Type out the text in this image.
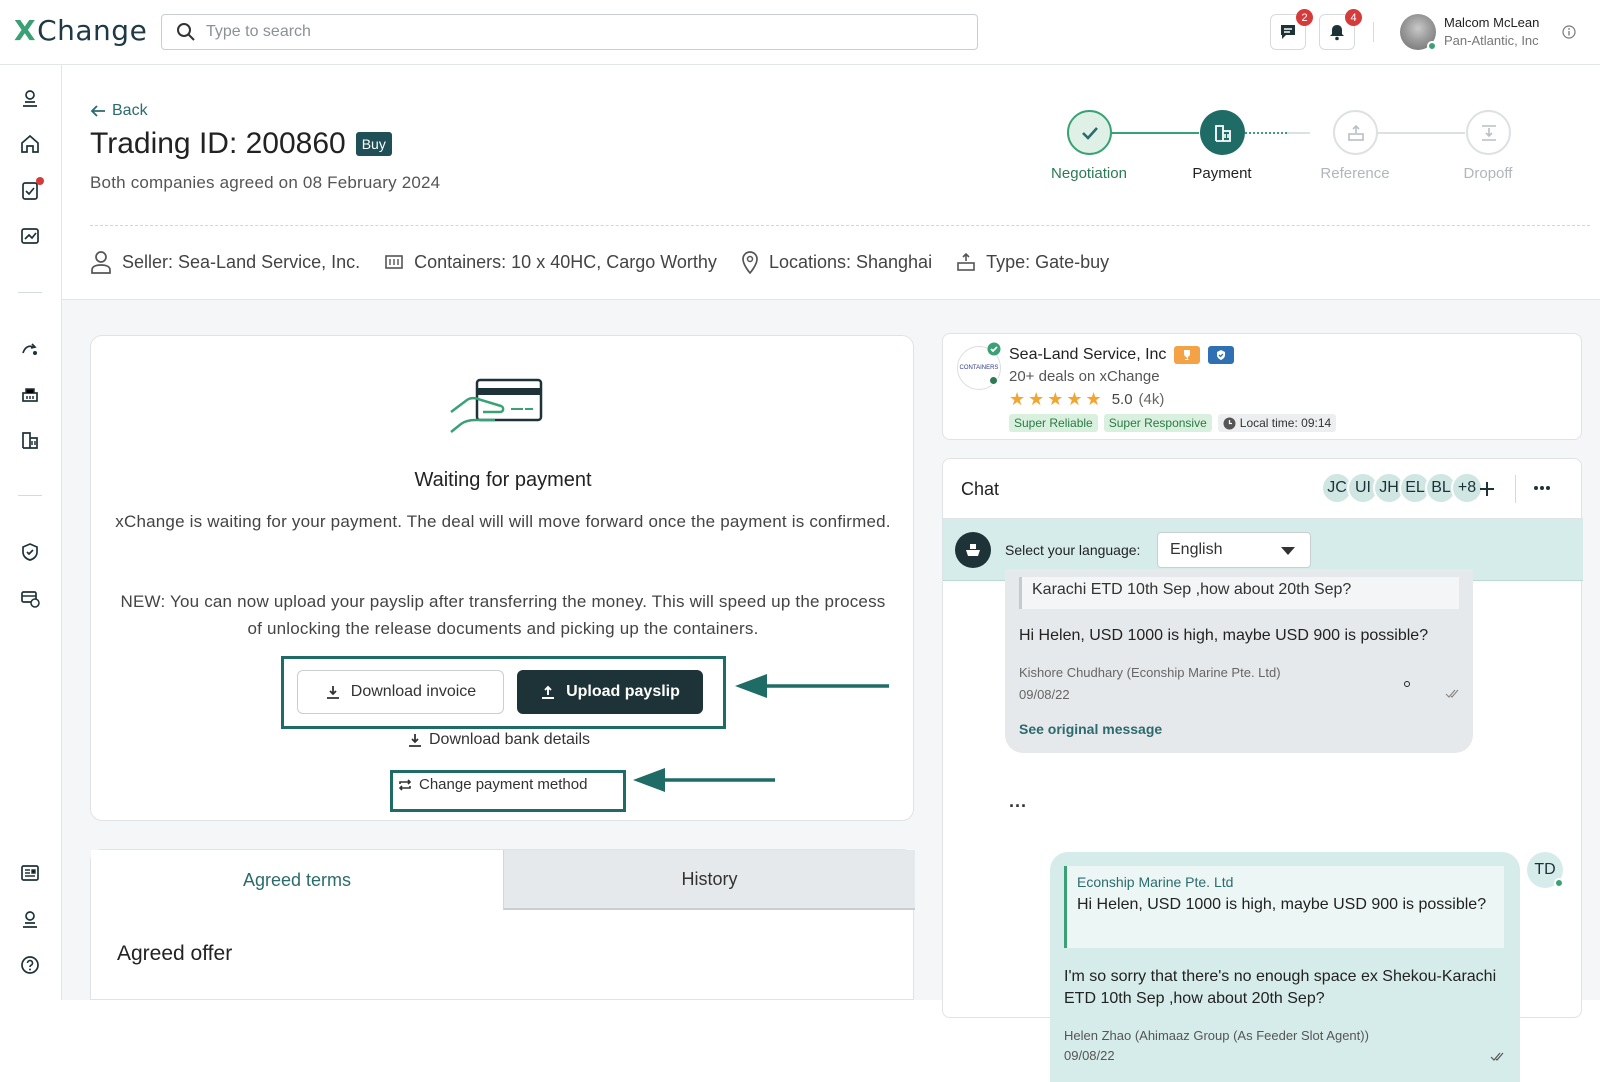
XChange
Type to search	2	4	Malcom McLean
Pan-Atlantic, Inc
Back
Trading ID: 200860	Buy
Both companies agreed on 08 February 2024	Negotiation	Payment	Reference	Dropoff
Seller: Sea-Land Service, Inc.	Containers: 10 x 40HC, Cargo Worthy	Locations: Shanghai	Type: Gate-buy
Waiting for payment
xChange is waiting for your payment. The deal will will move forward once the payment is confirmed.
NEW: You can now upload your payslip after transferring the money. This will speed up the process of unlocking the release documents and picking up the containers.
Download invoice	Upload payslip
Download bank details
Change payment method
Agreed terms	History
Agreed offer
CONTAINERS
Sea-Land Service, Inc
20+ deals on xChange
★★★★★ 5.0 (4k)
Super Reliable	Super Responsive	Local time: 09:14
Chat	JC UI JH EL BL +8
Select your language: English
Karachi ETD 10th Sep ,how about 20th Sep?
Hi Helen, USD 1000 is high, maybe USD 900 is possible?
Kishore Chudhary (Econship Marine Pte. Ltd)
09/08/22
See original message
...
Econship Marine Pte. Ltd
Hi Helen, USD 1000 is high, maybe USD 900 is possible?
I'm so sorry that there's no enough space ex Shekou-Karachi ETD 10th Sep ,how about 20th Sep?
Helen Zhao (Ahimaaz Group (As Feeder Slot Agent))
09/08/22
TD
